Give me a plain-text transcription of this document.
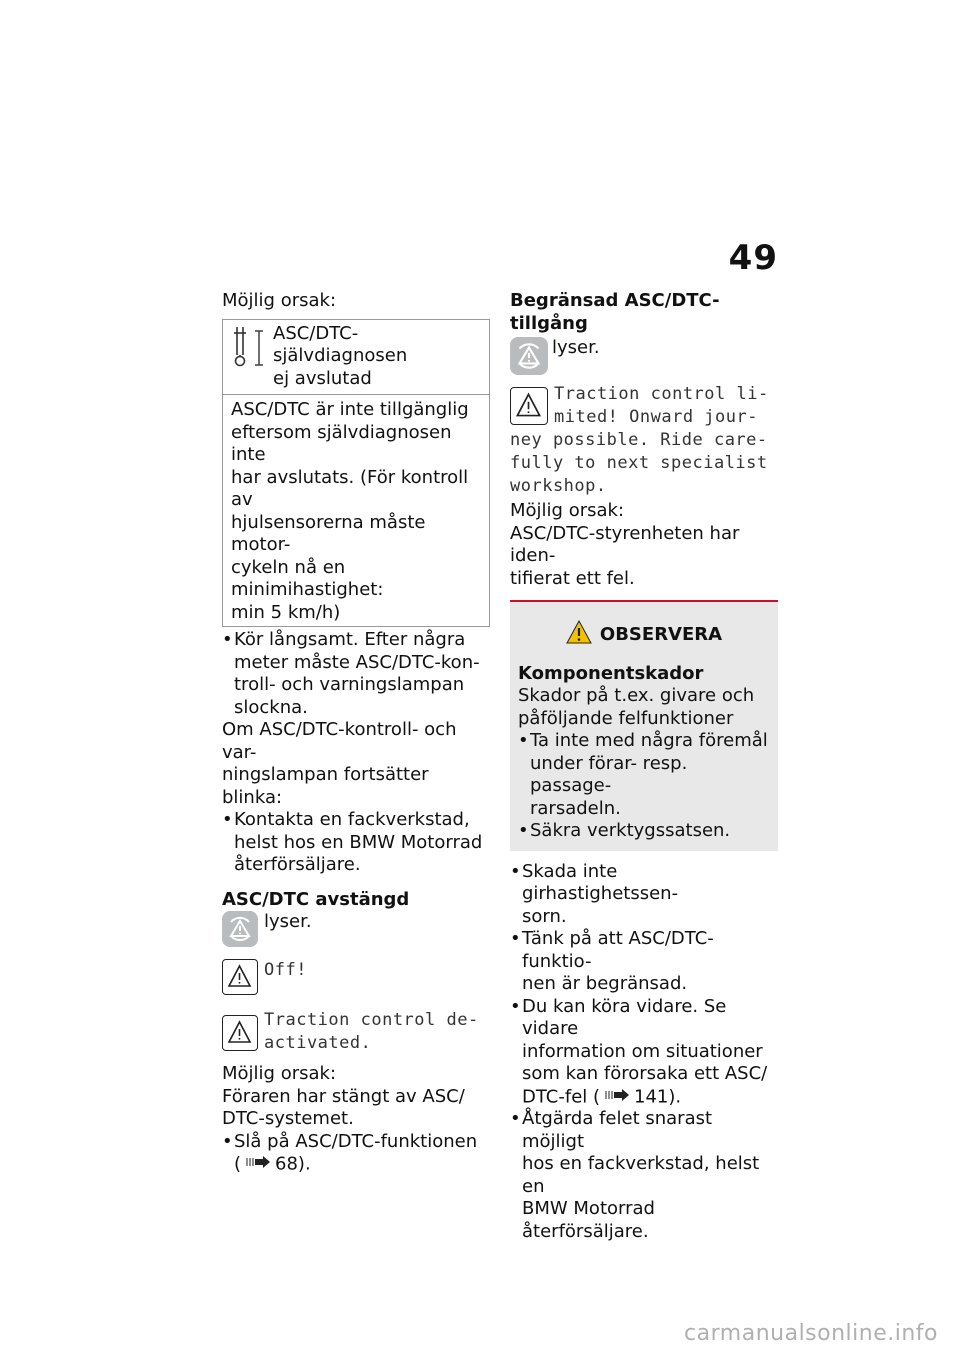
49

Möjlig orsak:

ASC/DTC-självdiagnosen
ej avslutad
ASC/DTC är inte tillgänglig
eftersom självdiagnosen inte
har avslutats. (För kontroll av
hjulsensorerna måste motor-
cykeln nå en minimihastighet:
min 5 km/h)
• Kör långsamt. Efter några
meter måste ASC/DTC-kon-
troll- och varningslampan
slockna.
Om ASC/DTC-kontroll- och var-
ningslampan fortsätter blinka:
• Kontakta en fackverkstad,
helst hos en BMW Motorrad
återförsäljare.

ASC/DTC avstängd

lyser.
Off!
Traction control de-
activated.

Möjlig orsak:

Föraren har stängt av ASC/
DTC-systemet.
• Slå på ASC/DTC-funktionen
( 68).

Begränsad ASC/DTC-tillgång

lyser.
Traction control li-
mited! Onward jour-
ney possible. Ride care-
fully to next specialist
workshop.

Möjlig orsak:

ASC/DTC-styrenheten har iden-
tifierat ett fel.
OBSERVERA
Komponentskador
Skador på t.ex. givare och
påföljande felfunktioner
• Ta inte med några föremål
under förar- resp. passage-
rarsadeln.
• Säkra verktygssatsen.
• Skada inte girhastighetssen-
sorn.
• Tänk på att ASC/DTC-funktio-
nen är begränsad.
• Du kan köra vidare. Se vidare
information om situationer
som kan förorsaka ett ASC/
DTC-fel ( 141).
• Åtgärda felet snarast möjligt
hos en fackverkstad, helst en
BMW Motorrad återförsäljare.
carmanualsonline.info
